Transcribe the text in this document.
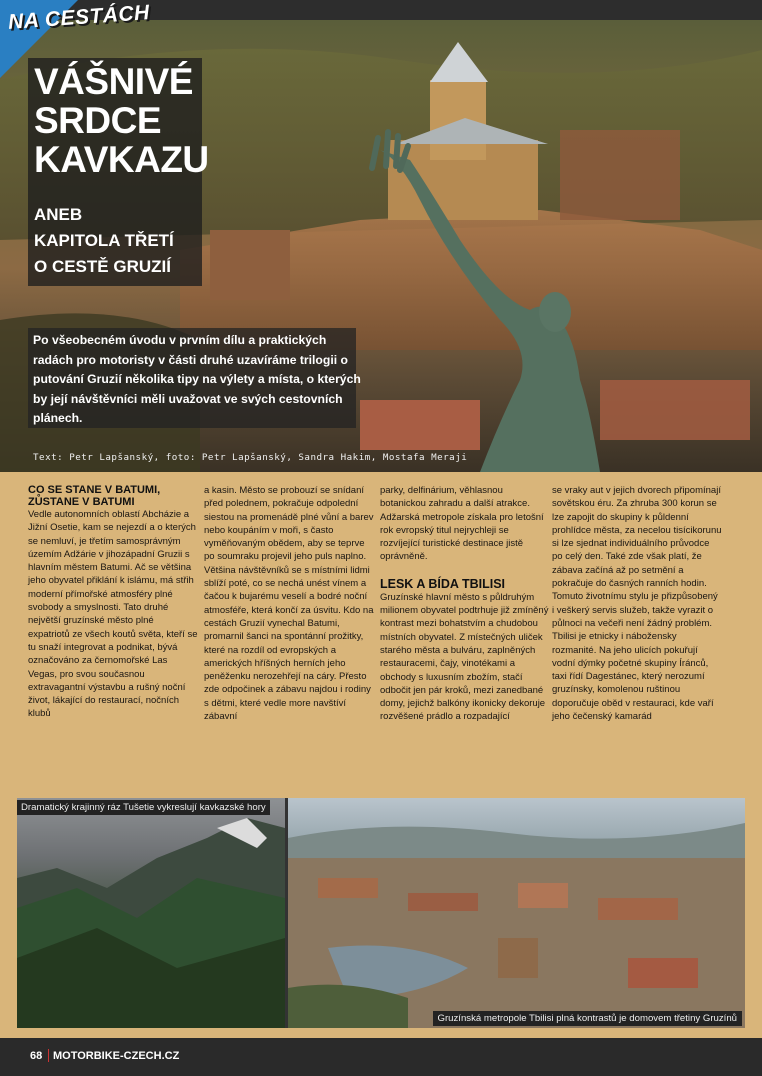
NA CESTÁCH
VÁŠNIVÉ SRDCE KAVKAZU
ANEB
KAPITOLA TŘETÍ
O CESTĚ GRUZIÍ
Po všeobecném úvodu v prvním dílu a praktických radách pro motoristy v části druhé uzavíráme trilogii o putování Gruzií několika tipy na výlety a místa, o kterých by její návštěvníci měli uvažovat ve svých cestovních plánech.
Text: Petr Lapšanský, foto: Petr Lapšanský, Sandra Hakim, Mostafa Meraji
CO SE STANE V BATUMI, ZŮSTANE V BATUMI
Vedle autonomních oblastí Abcházie a Jižní Osetie, kam se nejezdí a o kterých se nemluví, je třetím samosprávným územím Adžárie v jihozápadní Gruzii s hlavním městem Batumi. Ač se většina jeho obyvatel přiklání k islámu, má střih moderní přímořské atmosféry plné svobody a smyslnosti. Tato druhé největší gruzínské město plné expatriotů ze všech koutů světa, kteří se tu snaží integrovat a podnikat, bývá označováno za černomořské Las Vegas, pro svou současnou extravagantní výstavbu a rušný noční život, lákající do restaurací, nočních klubů
a kasin. Město se probouzí se snídaní před polednem, pokračuje odpolední siestou na promenádě plné vůní a barev nebo koupáním v moři, s často vyměňovaným obědem, aby se teprve po soumraku projevil jeho puls naplno. Většina návštěvníků se s místními lidmi sblíží poté, co se nechá unést vínem a čačou k bujarému veselí a bodré noční atmosféře, která končí za úsvitu. Kdo na cestách Gruzií vynechal Batumi, promarnil šanci na spontánní prožitky, které na rozdíl od evropských a amerických hříšných herních jeho peněženku nerozehřejí na cáry. Přesto zde odpočinek a zábavu najdou i rodiny s dětmi, které vedle more navštíví zábavní
parky, delfinárium, věhlasnou botanickou zahradu a další atrakce. Adžarská metropole získala pro letošní rok evropský titul nejrychleji se rozvíjející turistické destinace jistě oprávněně.
LESK A BÍDA TBILISI
Gruzínské hlavní město s půldruhým milionem obyvatel podtrhuje již zmíněný kontrast mezi bohatstvím a chudobou místních obyvatel. Z místečných uliček starého města a bulváru, zaplněných restauracemi, čajy, vinotékami a obchody s luxusním zbožím, stačí odbočit jen pár kroků, mezi zanedbané domy, jejichž balkóny ikonicky dekoruje rozvěšené prádlo a rozpadající
se vraky aut v jejich dvorech připomínají sovětskou éru. Za zhruba 300 korun se lze zapojit do skupiny k půldenní prohlídce města, za necelou tisícikorunu si lze sjednat individuálního průvodce po celý den. Také zde však platí, že zábava začíná až po setmění a pokračuje do časných ranních hodin. Tomuto životnímu stylu je přizpůsobený i veškerý servis služeb, takže vyrazit o půlnoci na večeři není žádný problém. Tbilisi je etnicky i nábožensky rozmanité. Na jeho ulicích pokuřují vodní dýmky početné skupiny Íránců, taxi řídí Dagestánec, který nerozumí gruzínsky, komolenou ruštinou doporučuje oběd v restauraci, kde vaří jeho čečenský kamarád
Dramatický krajinný ráz Tušetie vykreslují kavkazské hory
Gruzínská metropole Tbilisi plná kontrastů je domovem třetiny Gruzínů
68 MOTORBIKE-CZECH.CZ
